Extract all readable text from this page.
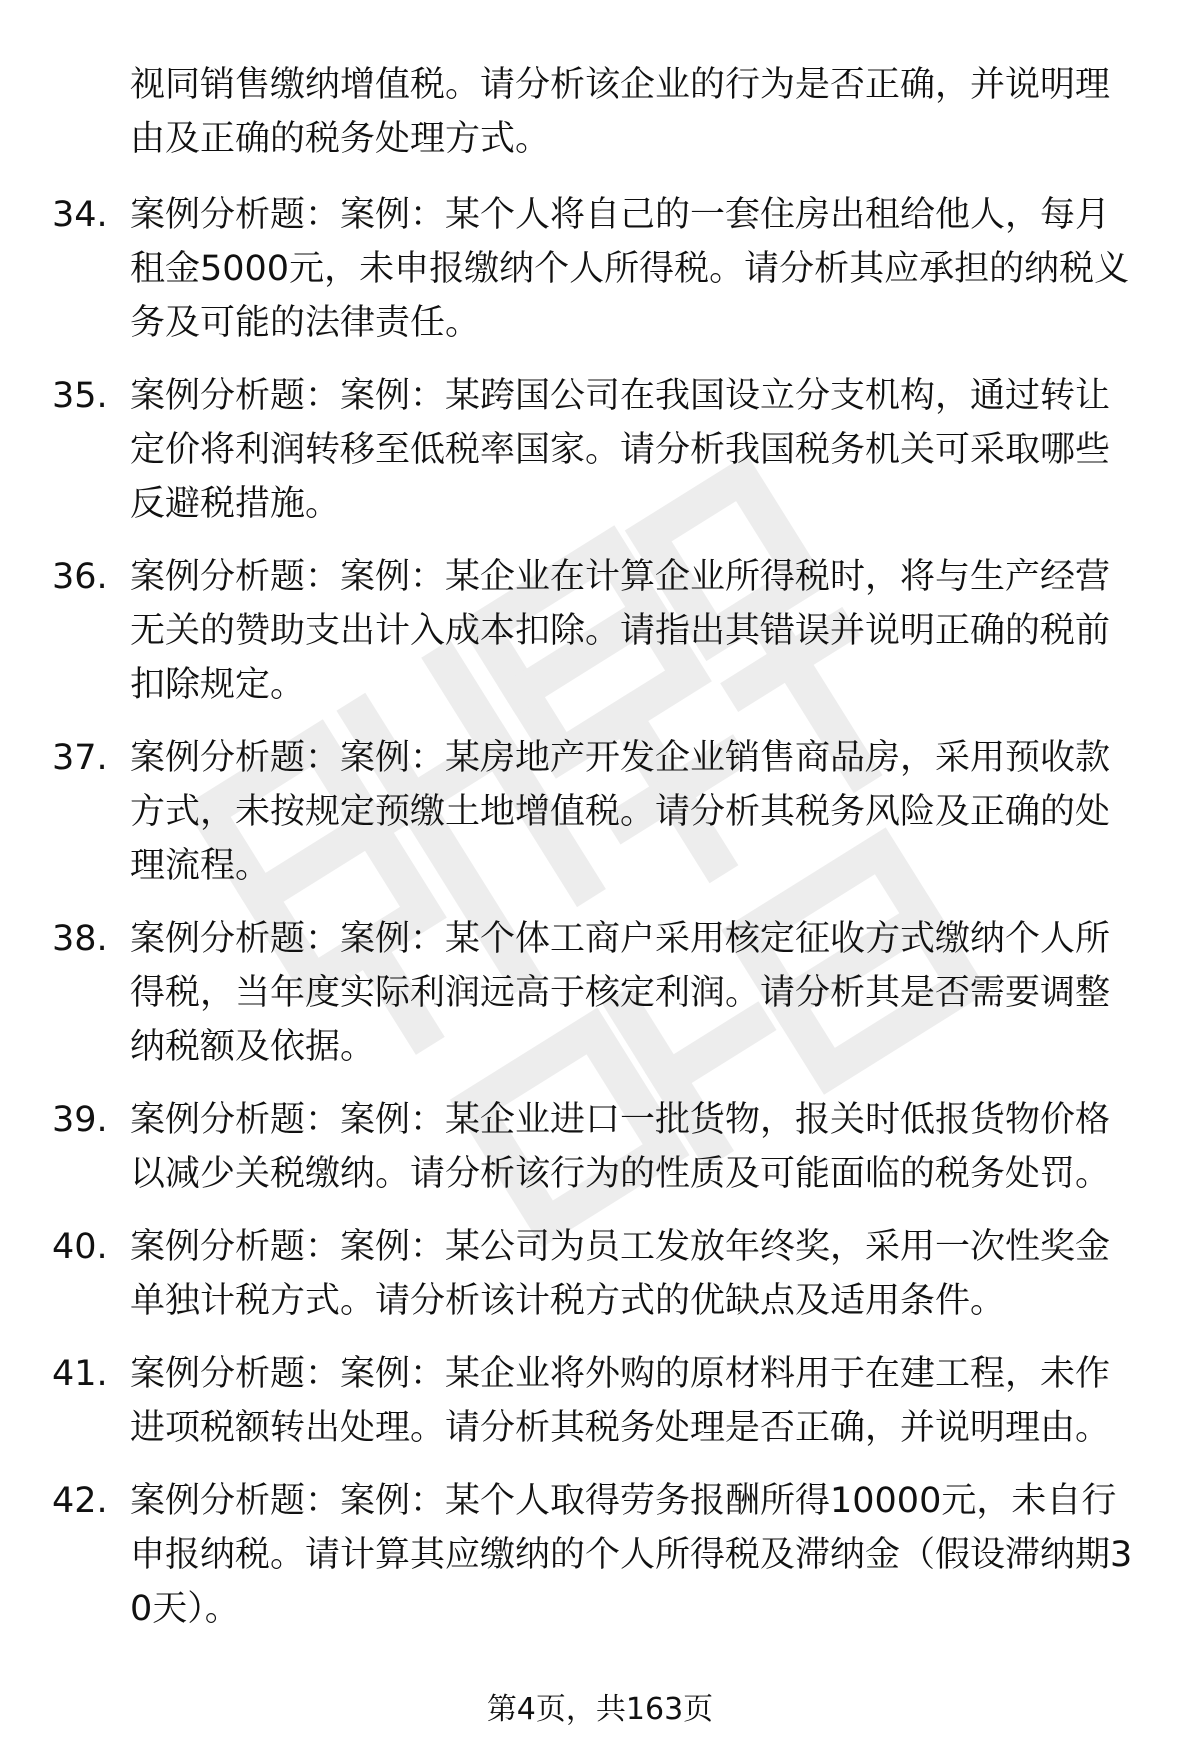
视同销售缴纳增值税。请分析该企业的行为是否正确，并说明理由及正确的税务处理方式。

34. 案例分析题：案例：某个人将自己的一套住房出租给他人，每月租金5000元，未申报缴纳个人所得税。请分析其应承担的纳税义务及可能的法律责任。
35. 案例分析题：案例：某跨国公司在我国设立分支机构，通过转让定价将利润转移至低税率国家。请分析我国税务机关可采取哪些反避税措施。
36. 案例分析题：案例：某企业在计算企业所得税时，将与生产经营无关的赞助支出计入成本扣除。请指出其错误并说明正确的税前扣除规定。
37. 案例分析题：案例：某房地产开发企业销售商品房，采用预收款方式，未按规定预缴土地增值税。请分析其税务风险及正确的处理流程。
38. 案例分析题：案例：某个体工商户采用核定征收方式缴纳个人所得税，当年度实际利润远高于核定利润。请分析其是否需要调整纳税额及依据。
39. 案例分析题：案例：某企业进口一批货物，报关时低报货物价格以减少关税缴纳。请分析该行为的性质及可能面临的税务处罚。
40. 案例分析题：案例：某公司为员工发放年终奖，采用一次性奖金单独计税方式。请分析该计税方式的优缺点及适用条件。
41. 案例分析题：案例：某企业将外购的原材料用于在建工程，未作进项税额转出处理。请分析其税务处理是否正确，并说明理由。
42. 案例分析题：案例：某个人取得劳务报酬所得10000元，未自行申报纳税。请计算其应缴纳的个人所得税及滞纳金（假设滞纳期30天）。
第4页，共163页
